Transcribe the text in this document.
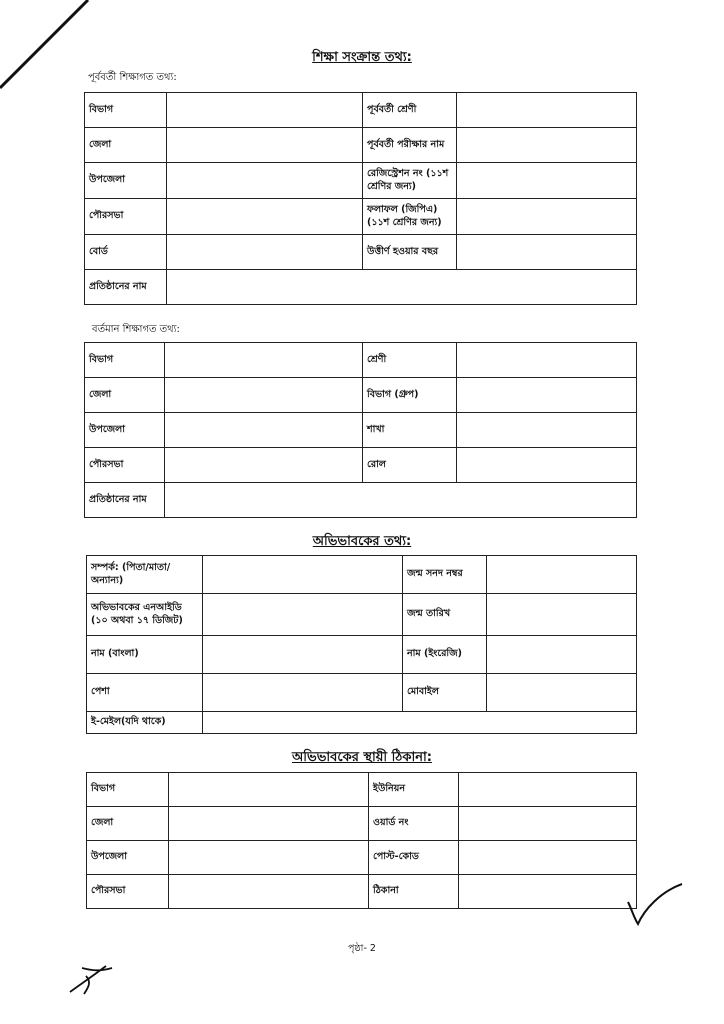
শিক্ষা সংক্রান্ত তথ্য:
পূর্ববর্তী শিক্ষাগত তথ্য:
বিভাগ		পূর্ববর্তী শ্রেণী	
জেলা		পূর্ববর্তী পরীক্ষার নাম	
উপজেলা		রেজিস্ট্রেশন নং (১১শ শ্রেণির জন্য)	
পৌরসভা		ফলাফল (জিপিএ) (১১শ শ্রেণির জন্য)	
বোর্ড		উত্তীর্ণ হওয়ার বছর	
প্রতিষ্ঠানের নাম			
বর্তমান শিক্ষাগত তথ্য:
বিভাগ		শ্রেণী	
জেলা		বিভাগ (গ্রুপ)	
উপজেলা		শাখা	
পৌরসভা		রোল	
প্রতিষ্ঠানের নাম			
অভিভাবকের তথ্য:
সম্পর্ক: (পিতা/মাতা/অন্যান্য)		জন্ম সনদ নম্বর	
অভিভাবকের এনআইডি (১০ অথবা ১৭ ডিজিট)		জন্ম তারিখ	
নাম (বাংলা)		নাম (ইংরেজি)	
পেশা		মোবাইল	
ই-মেইল(যদি থাকে)			
অভিভাবকের স্থায়ী ঠিকানা:
বিভাগ		ইউনিয়ন	
জেলা		ওয়ার্ড নং	
উপজেলা		পোস্ট-কোড	
পৌরসভা		ঠিকানা	
পৃষ্ঠা- 2
